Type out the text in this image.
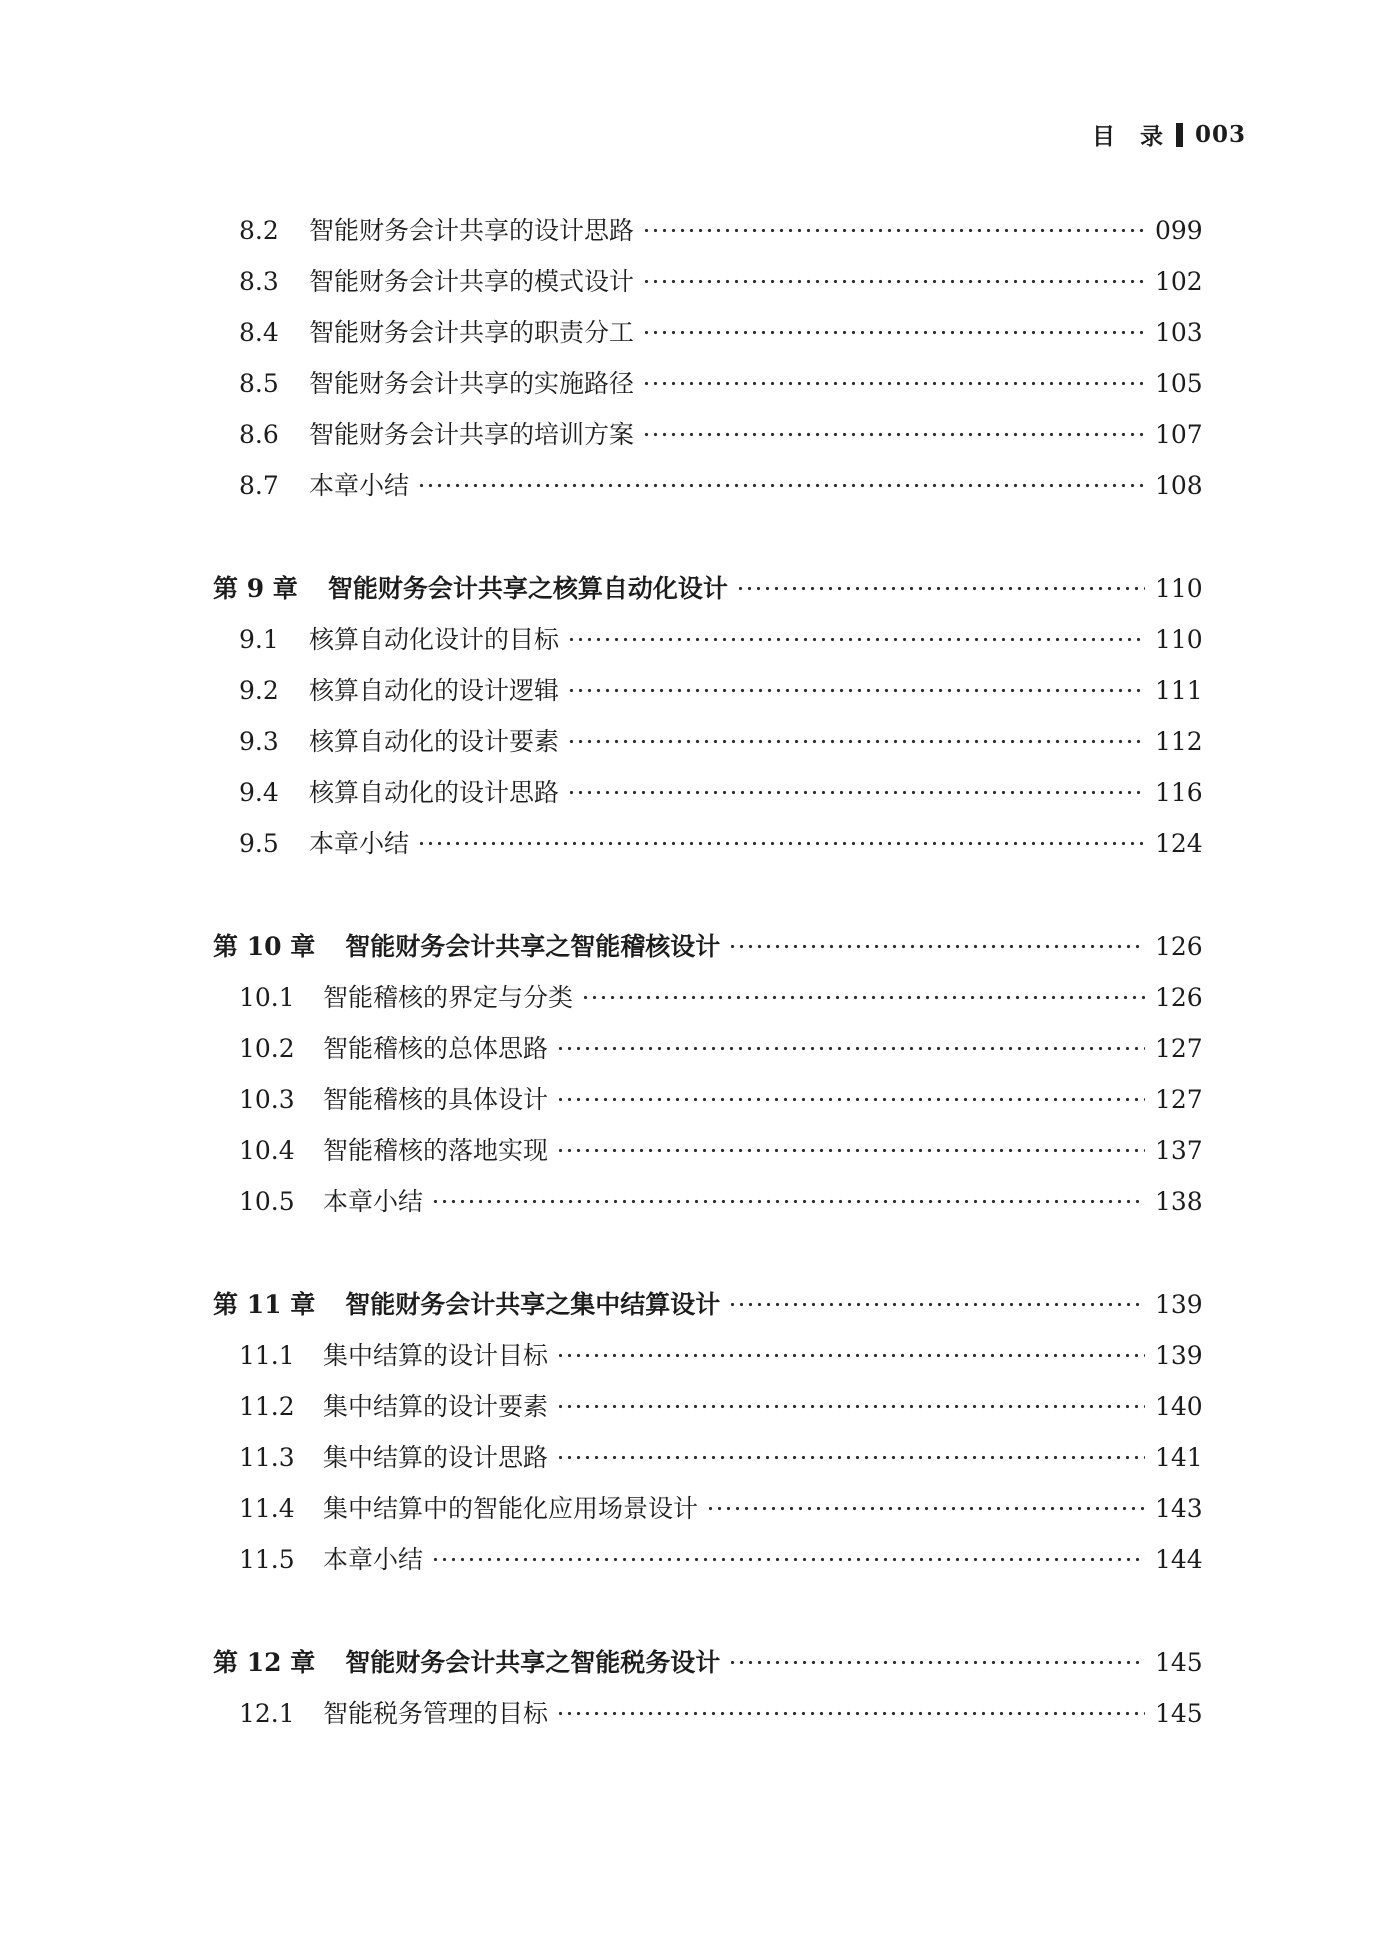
目　录 003
8.2	智能财务会计共享的设计思路	099
8.3	智能财务会计共享的模式设计	102
8.4	智能财务会计共享的职责分工	103
8.5	智能财务会计共享的实施路径	105
8.6	智能财务会计共享的培训方案	107
8.7	本章小结	108
第 9 章 智能财务会计共享之核算自动化设计	110
9.1	核算自动化设计的目标	110
9.2	核算自动化的设计逻辑	111
9.3	核算自动化的设计要素	112
9.4	核算自动化的设计思路	116
9.5	本章小结	124
第 10 章 智能财务会计共享之智能稽核设计	126
10.1	智能稽核的界定与分类	126
10.2	智能稽核的总体思路	127
10.3	智能稽核的具体设计	127
10.4	智能稽核的落地实现	137
10.5	本章小结	138
第 11 章 智能财务会计共享之集中结算设计	139
11.1	集中结算的设计目标	139
11.2	集中结算的设计要素	140
11.3	集中结算的设计思路	141
11.4	集中结算中的智能化应用场景设计	143
11.5	本章小结	144
第 12 章 智能财务会计共享之智能税务设计	145
12.1	智能税务管理的目标	145
